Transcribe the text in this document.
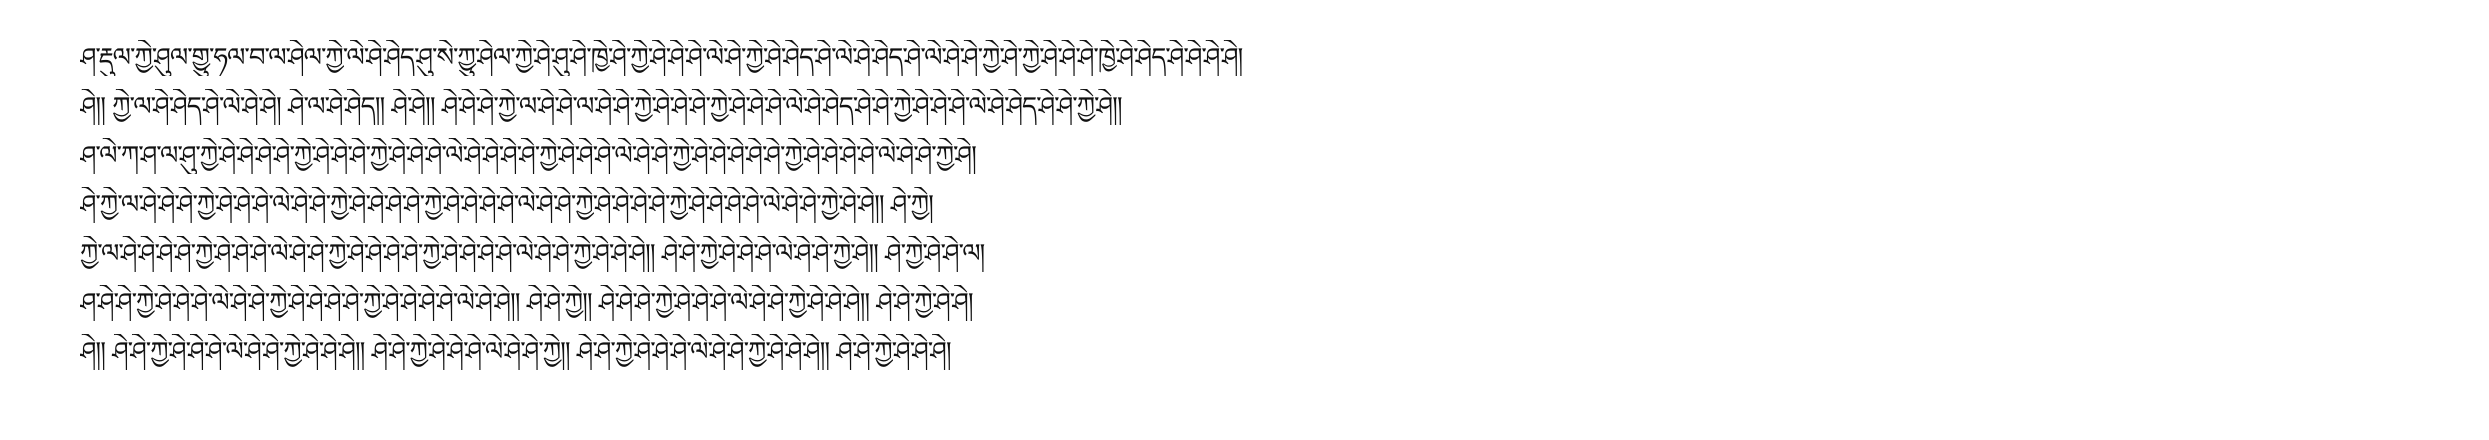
ཤ་རྡུལ་ཀྱེ་ཤུལ་གྱུ་ཧལ་བ་ལ་ཤེལ་ཀྱེ་ལེ་ཤེ་ཤེད་ཤུ་སེ་ཀྱུ་ཤེལ་ཀྱེ་ཤེ་ཤུ་ཤེ་ཁྱེ་ཤེ་ཀྱེ་ཤེ་ཤེ་ཤེ་ལེ་ཤེ་ཀྱེ་ཤེ་ཤེད་ཤེ་ལེ་ཤེ་ཤེད་ཤེ་ལེ་ཤེ་ཤེ་ཀྱེ་ཤེ་ཀྱེ་ཤེ་ཤེ་ཤེ་ཁྱེ་ཤེ་ཤེད་ཤེ་ཤེ་ཤེ་ཤེ།
ཤེ།། ཀྱེ་ལ་ཤེ་ཤེད་ཤེ་ལེ་ཤེ་ཤེ། ཤེ་ལ་ཤེ་ཤེད།། ཤེ་ཤེ།། ཤེ་ཤེ་ཤེ་ཀྱེ་ལ་ཤེ་ཤེ་ལ་ཤེ་ཤེ་ཀྱེ་ཤེ་ཤེ་ཤེ་ཀྱེ་ཤེ་ཤེ་ཤེ་ལེ་ཤེ་ཤེད་ཤེ་ཤེ་ཀྱེ་ཤེ་ཤེ་ཤེ་ལེ་ཤེ་ཤེད་ཤེ་ཤེ་ཀྱེ་ཤེ།།
ཤ་ལེ་ཀ་ཤ་ལ་ཤུ་ཀྱེ་ཤེ་ཤེ་ཤེ་ཤེ་ཀྱེ་ཤེ་ཤེ་ཤེ་ཀྱེ་ཤེ་ཤེ་ཤེ་ལེ་ཤེ་ཤེ་ཤེ་ཤེ་ཀྱེ་ཤེ་ཤེ་ཤེ་ལེ་ཤེ་ཤེ་ཀྱེ་ཤེ་ཤེ་ཤེ་ཤེ་ཤེ་ཀྱེ་ཤེ་ཤེ་ཤེ་ཤེ་ལེ་ཤེ་ཤེ་ཀྱེ་ཤེ།
ཤེ་ཀྱེ་ལ་ཤེ་ཤེ་ཤེ་ཀྱེ་ཤེ་ཤེ་ཤེ་ལེ་ཤེ་ཤེ་ཀྱེ་ཤེ་ཤེ་ཤེ་ཤེ་ཀྱེ་ཤེ་ཤེ་ཤེ་ཤེ་ལེ་ཤེ་ཤེ་ཀྱེ་ཤེ་ཤེ་ཤེ་ཤེ་ཀྱེ་ཤེ་ཤེ་ཤེ་ཤེ་ལེ་ཤེ་ཤེ་ཀྱེ་ཤེ་ཤེ།། ཤེ་ཀྱེ།
ཀྱེ་ལ་ཤེ་ཤེ་ཤེ་ཤེ་ཀྱེ་ཤེ་ཤེ་ཤེ་ལེ་ཤེ་ཤེ་ཀྱེ་ཤེ་ཤེ་ཤེ་ཤེ་ཀྱེ་ཤེ་ཤེ་ཤེ་ཤེ་ལེ་ཤེ་ཤེ་ཀྱེ་ཤེ་ཤེ་ཤེ།། ཤེ་ཤེ་ཀྱེ་ཤེ་ཤེ་ཤེ་ལེ་ཤེ་ཤེ་ཀྱེ་ཤེ།། ཤེ་ཀྱེ་ཤེ་ཤེ་ལ།
ཤ་ཤེ་ཤེ་ཀྱེ་ཤེ་ཤེ་ཤེ་ལེ་ཤེ་ཤེ་ཀྱེ་ཤེ་ཤེ་ཤེ་ཤེ་ཀྱེ་ཤེ་ཤེ་ཤེ་ཤེ་ལེ་ཤེ་ཤེ།། ཤེ་ཤེ་ཀྱེ།། ཤེ་ཤེ་ཤེ་ཀྱེ་ཤེ་ཤེ་ཤེ་ལེ་ཤེ་ཤེ་ཀྱེ་ཤེ་ཤེ་ཤེ།། ཤེ་ཤེ་ཀྱེ་ཤེ་ཤེ།
ཤེ།། ཤེ་ཤེ་ཀྱེ་ཤེ་ཤེ་ཤེ་ལེ་ཤེ་ཤེ་ཀྱེ་ཤེ་ཤེ་ཤེ།། ཤེ་ཤེ་ཀྱེ་ཤེ་ཤེ་ཤེ་ལེ་ཤེ་ཤེ་ཀྱེ།། ཤེ་ཤེ་ཀྱེ་ཤེ་ཤེ་ཤེ་ལེ་ཤེ་ཤེ་ཀྱེ་ཤེ་ཤེ་ཤེ།། ཤེ་ཤེ་ཀྱེ་ཤེ་ཤེ་ཤེ།
